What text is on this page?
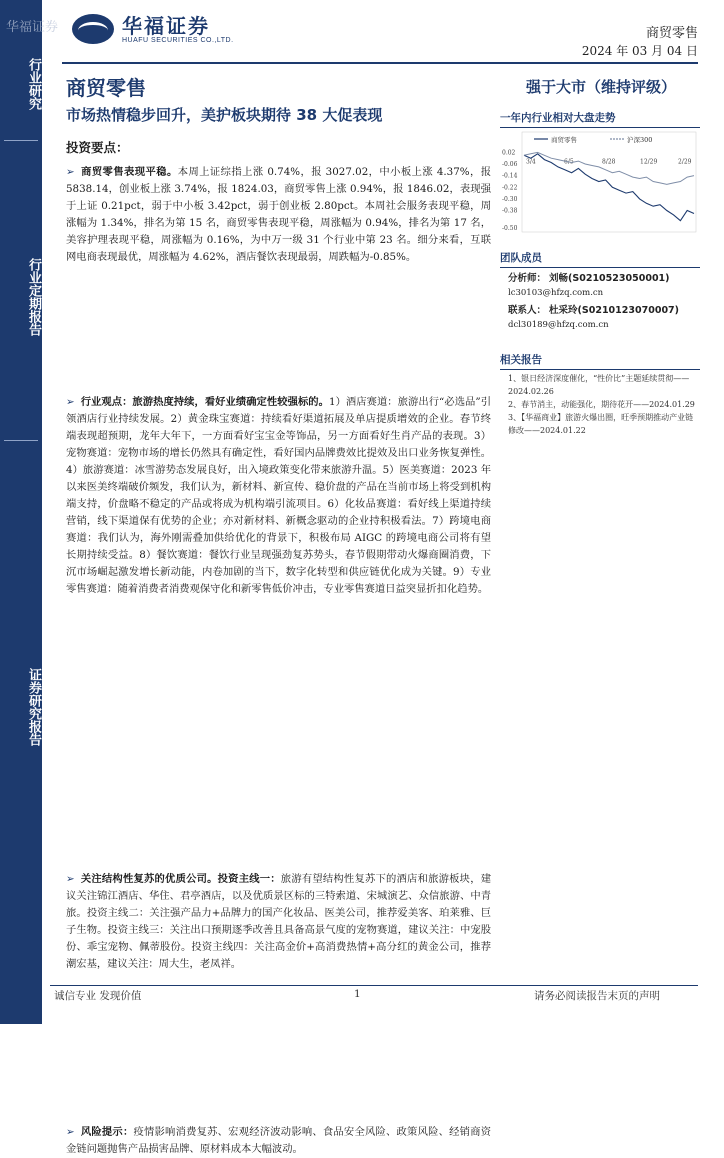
行业研究
行业定期报告
证券研究报告
华福证券	华福证券
HUAFU SECURITIES CO.,LTD.	商贸零售
2024 年 03 月 04 日
商贸零售
市场热情稳步回升，美护板块期待 38 大促表现
投资要点：
➢ 商贸零售表现平稳。本周上证综指上涨 0.74%，报 3027.02，中小板上涨 4.37%，报 5838.14，创业板上涨 3.74%，报 1824.03，商贸零售上涨 0.94%，报 1846.02，表现强于上证 0.21pct，弱于中小板 3.42pct，弱于创业板 2.80pct。本周社会服务表现平稳，周涨幅为 1.34%，排名为第 15 名，商贸零售表现平稳，周涨幅为 0.94%，排名为第 17 名，美容护理表现平稳，周涨幅为 0.16%，为中万一级 31 个行业中第 23 名。细分来看，互联网电商表现最优，周涨幅为 4.62%，酒店餐饮表现最弱，周跌幅为-0.85%。
➢ 行业观点：旅游热度持续，看好业绩确定性较强标的。1）酒店赛道：旅游出行“必选品”引领酒店行业持续发展。2）黄金珠宝赛道：持续看好渠道拓展及单店提质增效的企业。春节终端表现超预期，龙年大年下，一方面看好宝宝金等饰品，另一方面看好生肖产品的表现。3）宠物赛道：宠物市场的增长仍然具有确定性，看好国内品牌费效比提效及出口业务恢复弹性。4）旅游赛道：冰雪游势态发展良好，出入境政策变化带来旅游升温。5）医美赛道：2023 年以来医美终端破价频发，我们认为，新材料、新宣传、稳价盘的产品在当前市场上将受到机构端支持，价盘略不稳定的产品或将成为机构端引流项目。6）化妆品赛道：看好线上渠道持续营销，线下渠道保有优势的企业；亦对新材料、新概念驱动的企业持积极看法。7）跨境电商赛道：我们认为，海外刚需叠加供给优化的背景下，积极布局 AIGC 的跨境电商公司将有望长期持续受益。8）餐饮赛道：餐饮行业呈现强劲复苏势头，春节假期带动火爆商圈消费，下沉市场崛起激发增长新动能，内卷加剧的当下，数字化转型和供应链优化成为关键。9）专业零售赛道：随着消费者消费观保守化和新零售低价冲击，专业零售赛道日益突显折扣化趋势。
➢ 关注结构性复苏的优质公司。投资主线一：旅游有望结构性复苏下的酒店和旅游板块，建议关注锦江酒店、华住、君亭酒店，以及优质景区标的三特索道、宋城演艺、众信旅游、中青旅。投资主线二：关注强产品力+品牌力的国产化妆品、医美公司，推荐爱美客、珀莱雅、巨子生物。投资主线三：关注出口预期逐季改善且具备高景气度的宠物赛道，建议关注：中宠股份、乖宝宠物、佩蒂股份。投资主线四：关注高金价+高消费热情+高分红的黄金公司，推荐潮宏基，建议关注：周大生，老凤祥。
➢ 风险提示：疫情影响消费复苏、宏观经济波动影响、食品安全风险、政策风险、经销商资金链问题抛售产品损害品牌、原材料成本大幅波动。
强于大市（维持评级）
一年内行业相对大盘走势
商贸零售	沪深300
0.02
-0.06
-0.14
-0.22
-0.30
-0.38
-0.50
3/4	6/5	8/28	12/29	2/29
团队成员
分析师： 刘畅(S0210523050001)
lc30103@hfzq.com.cn
联系人： 杜采玲(S0210123070007)
dcl30189@hfzq.com.cn
相关报告
1、银日经济深度催化，“性价比”主题延续贯彻——2024.02.26
2、春节消主，动能强化，期待花开——2024.01.29
3、【华福商业】旅游火爆出圈，旺季预期推动产业链修改——2024.01.22
诚信专业 发现价值	1	请务必阅读报告末页的声明
